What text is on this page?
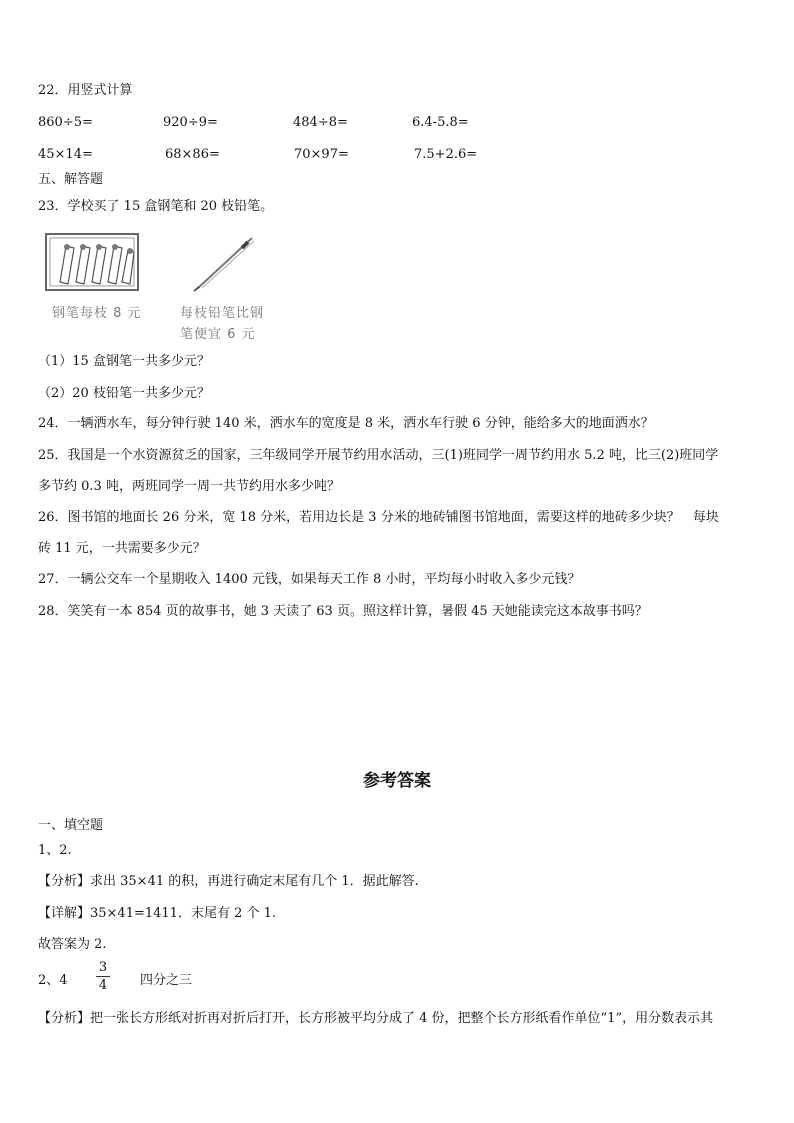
22．用竖式计算
860÷5=	920÷9=	484÷8=	6.4-5.8=
45×14=	68×86=	70×97=	7.5+2.6=
五、解答题
23．学校买了 15 盒钢笔和 20 枝铅笔。
钢笔每枝 8 元	每枝铅笔比钢
笔便宜 6 元
（1）15 盒钢笔一共多少元？
（2）20 枝铅笔一共多少元？
24．一辆洒水车，每分钟行驶 140 米，洒水车的宽度是 8 米，洒水车行驶 6 分钟，能给多大的地面洒水？
25．我国是一个水资源贫乏的国家，三年级同学开展节约用水活动，三(1)班同学一周节约用水 5.2 吨，比三(2)班同学
多节约 0.3 吨，两班同学一周一共节约用水多少吨？
26．图书馆的地面长 26 分米，宽 18 分米，若用边长是 3 分米的地砖铺图书馆地面，需要这样的地砖多少块？　每块
砖 11 元，一共需要多少元？
27．一辆公交车一个星期收入 1400 元钱，如果每天工作 8 小时，平均每小时收入多少元钱？
28．笑笑有一本 854 页的故事书，她 3 天读了 63 页。照这样计算，暑假 45 天她能读完这本故事书吗？
参考答案
一、填空题
1、2.
【分析】求出 35×41 的积，再进行确定末尾有几个 1．据此解答.
【详解】35×41=1411．末尾有 2 个 1.
故答案为 2.
2、4
3
4	四分之三
【分析】把一张长方形纸对折再对折后打开，长方形被平均分成了 4 份，把整个长方形纸看作单位“1”，用分数表示其
